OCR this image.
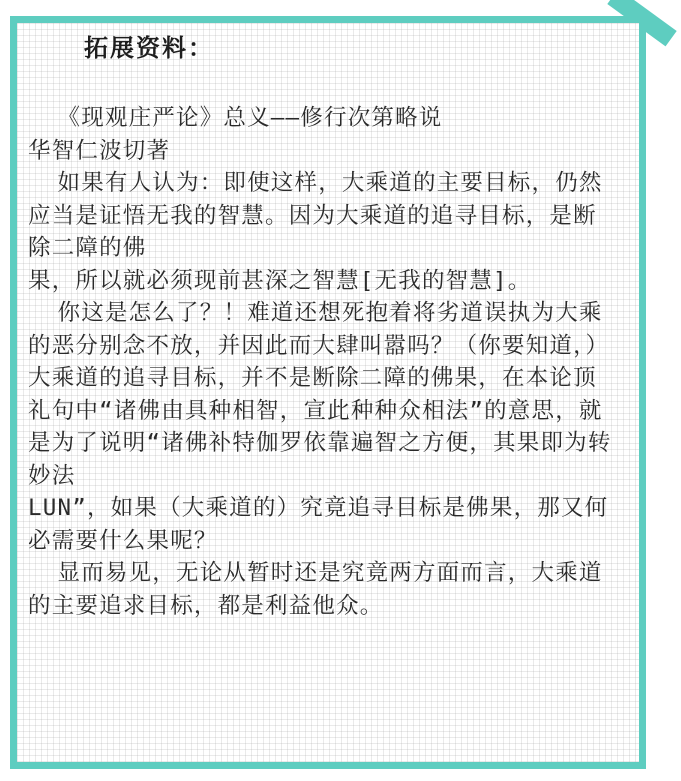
拓展资料：

《现观庄严论》总义——修行次第略说
华智仁波切著

如果有人认为：即使这样，大乘道的主要目标，仍然应当是证悟无我的智慧。因为大乘道的追寻目标，是断除二障的佛
果，所以就必须现前甚深之智慧[无我的智慧]。

你这是怎么了？！难道还想死抱着将劣道误执为大乘的恶分别念不放，并因此而大肆叫嚣吗？（你要知道，）大乘道的追寻目标，并不是断除二障的佛果，在本论顶礼句中“诸佛由具种相智，宣此种种众相法”的意思，就是为了说明“诸佛补特伽罗依靠遍智之方便，其果即为转妙法
LUN”，如果（大乘道的）究竟追寻目标是佛果，那又何必需要什么果呢？

显而易见，无论从暂时还是究竟两方面而言，大乘道的主要追求目标，都是利益他众。
